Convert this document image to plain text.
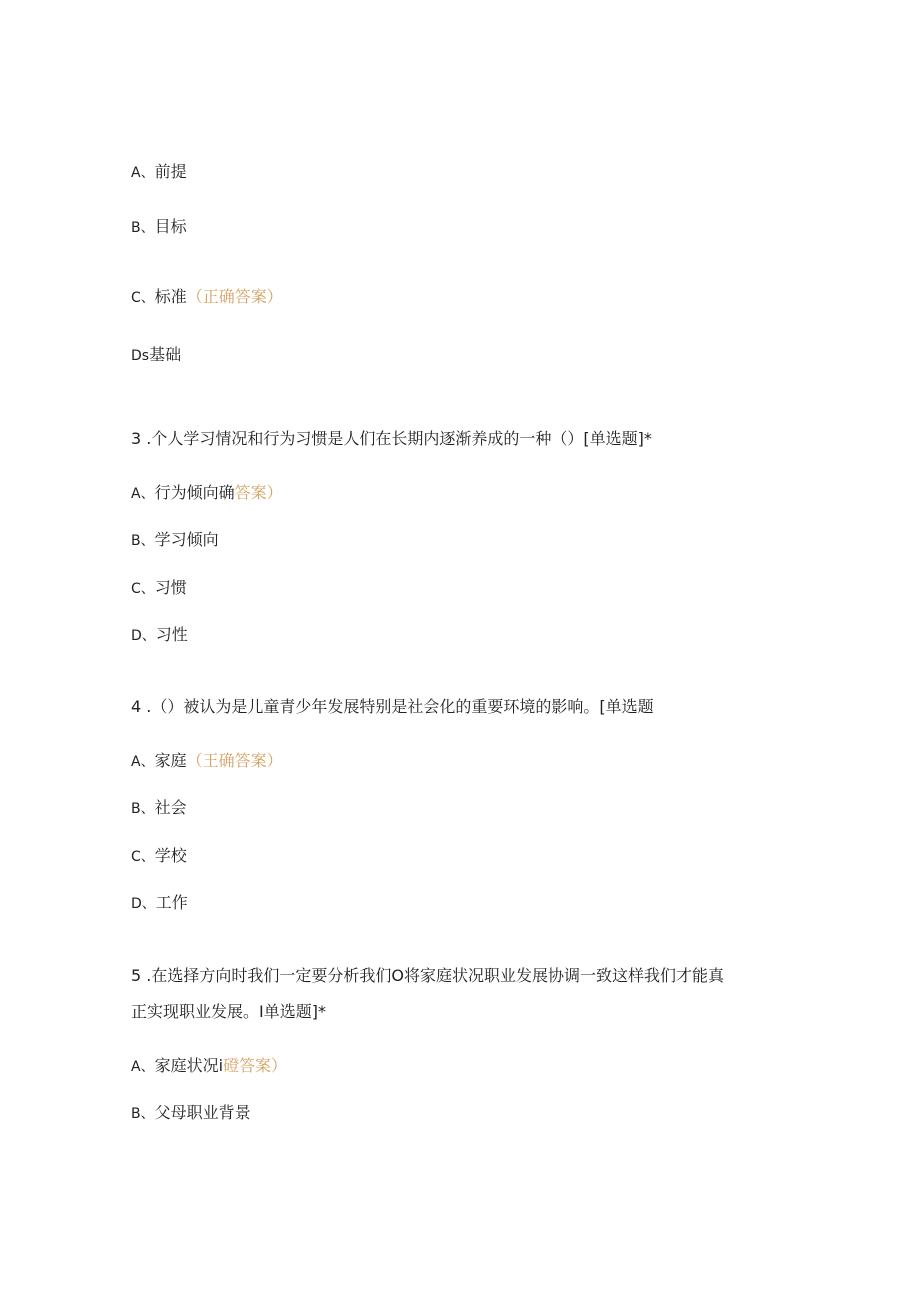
A、前提
B、目标
C、标准（正确答案）
Ds基础
3 .个人学习情况和行为习惯是人们在长期内逐渐养成的一种（）[单选题]*
A、行为倾向确答案）
B、学习倾向
C、习惯
D、习性
4 .（）被认为是儿童青少年发展特别是社会化的重要环境的影响。[单选题
A、家庭（王确答案）
B、社会
C、学校
D、工作
5 .在选择方向时我们一定要分析我们O将家庭状况职业发展协调一致这样我们才能真
正实现职业发展。I单选题]*
A、家庭状况i磴答案）
B、父母职业背景
